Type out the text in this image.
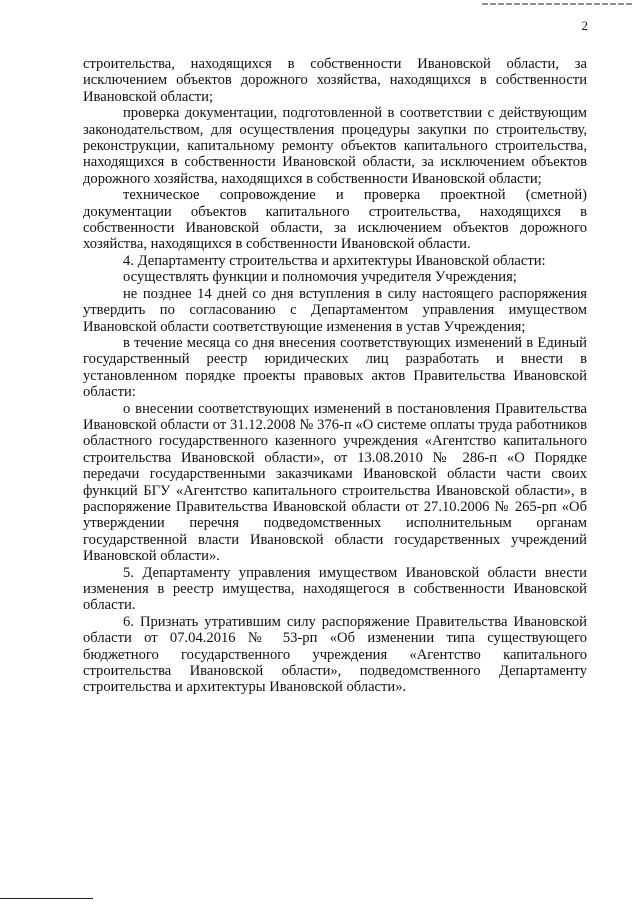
2

строительства, находящихся в собственности Ивановской области, за исключением объектов дорожного хозяйства, находящихся в собственности Ивановской области;

проверка документации, подготовленной в соответствии с действующим законодательством, для осуществления процедуры закупки по строительству, реконструкции, капитальному ремонту объектов капитального строительства, находящихся в собственности Ивановской области, за исключением объектов дорожного хозяйства, находящихся в собственности Ивановской области;

техническое сопровождение и проверка проектной (сметной) документации объектов капитального строительства, находящихся в собственности Ивановской области, за исключением объектов дорожного хозяйства, находящихся в собственности Ивановской области.

4. Департаменту строительства и архитектуры Ивановской области:

осуществлять функции и полномочия учредителя Учреждения;

не позднее 14 дней со дня вступления в силу настоящего распоряжения утвердить по согласованию с Департаментом управления имуществом Ивановской области соответствующие изменения в устав Учреждения;

в течение месяца со дня внесения соответствующих изменений в Единый государственный реестр юридических лиц разработать и внести в установленном порядке проекты правовых актов Правительства Ивановской области:

о внесении соответствующих изменений в постановления Правительства Ивановской области от 31.12.2008 № 376-п «О системе оплаты труда работников областного государственного казенного учреждения «Агентство капитального строительства Ивановской области», от 13.08.2010 № 286-п «О Порядке передачи государственными заказчиками Ивановской области части своих функций БГУ «Агентство капитального строительства Ивановской области», в распоряжение Правительства Ивановской области от 27.10.2006 № 265-рп «Об утверждении перечня подведомственных исполнительным органам государственной власти Ивановской области государственных учреждений Ивановской области».

5. Департаменту управления имуществом Ивановской области внести изменения в реестр имущества, находящегося в собственности Ивановской области.

6. Признать утратившим силу распоряжение Правительства Ивановской области от 07.04.2016 № 53-рп «Об изменении типа существующего бюджетного государственного учреждения «Агентство капитального строительства Ивановской области», подведомственного Департаменту строительства и архитектуры Ивановской области».
